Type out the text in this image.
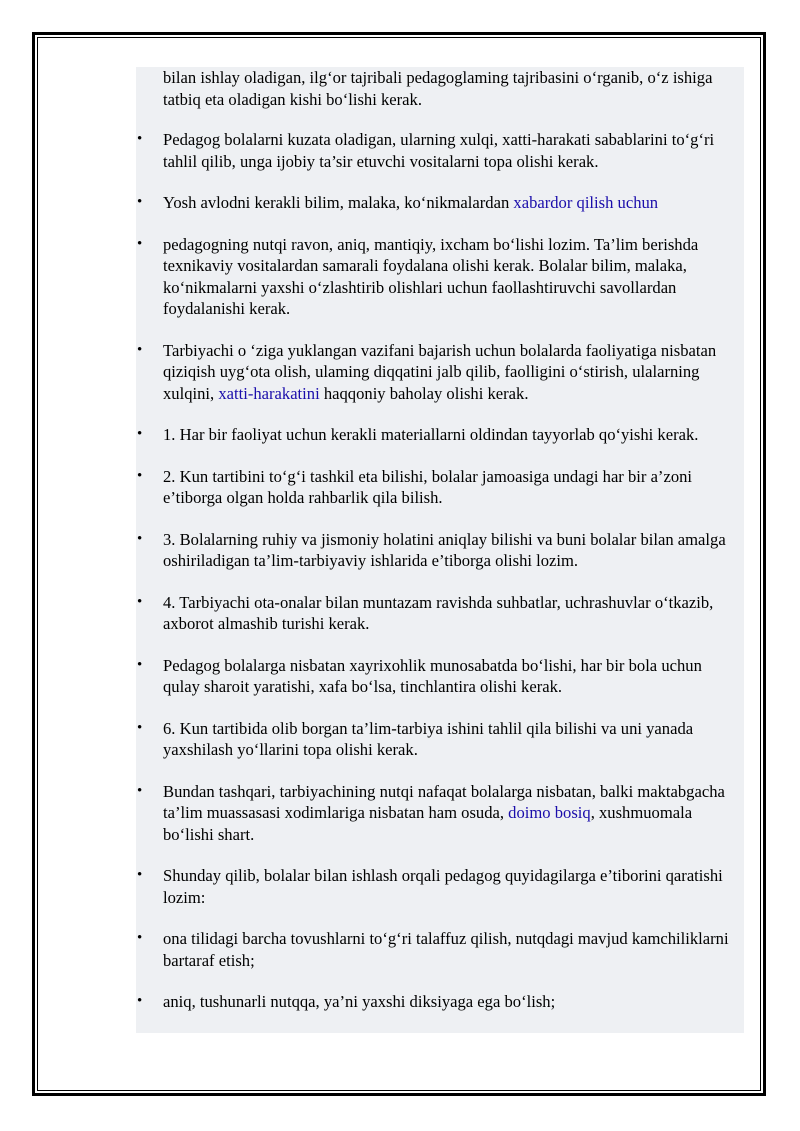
bilan ishlay oladigan, ilg‘or tajribali pedagoglaming tajribasini o‘rganib, o‘z ishiga tatbiq eta oladigan kishi bo‘lishi kerak.
• Pedagog bolalarni kuzata oladigan, ularning xulqi, xatti-harakati sabablarini to‘g‘ri tahlil qilib, unga ijobiy ta’sir etuvchi vositalarni topa olishi kerak.
• Yosh avlodni kerakli bilim, malaka, ko‘nikmalardan xabardor qilish uchun
• pedagogning nutqi ravon, aniq, mantiqiy, ixcham bo‘lishi lozim. Ta’lim berishda texnikaviy vositalardan samarali foydalana olishi kerak. Bolalar bilim, malaka, ko‘nikmalarni yaxshi o‘zlashtirib olishlari uchun faollashtiruvchi savollardan foydalanishi kerak.
• Tarbiyachi o ‘ziga yuklangan vazifani bajarish uchun bolalarda faoliyatiga nisbatan qiziqish uyg‘ota olish, ulaming diqqatini jalb qilib, faolligini o‘stirish, ulalarning xulqini, xatti-harakatini haqqoniy baholay olishi kerak.
• 1. Har bir faoliyat uchun kerakli materiallarni oldindan tayyorlab qo‘yishi kerak.
• 2. Kun tartibini to‘g‘i tashkil eta bilishi, bolalar jamoasiga undagi har bir a’zoni e’tiborga olgan holda rahbarlik qila bilish.
• 3. Bolalarning ruhiy va jismoniy holatini aniqlay bilishi va buni bolalar bilan amalga oshiriladigan ta’lim-tarbiyaviy ishlarida e’tiborga olishi lozim.
• 4. Tarbiyachi ota-onalar bilan muntazam ravishda suhbatlar, uchrashuvlar o‘tkazib, axborot almashib turishi kerak.
• Pedagog bolalarga nisbatan xayrixohlik munosabatda bo‘lishi, har bir bola uchun qulay sharoit yaratishi, xafa bo‘lsa, tinchlantira olishi kerak.
• 6. Kun tartibida olib borgan ta’lim-tarbiya ishini tahlil qila bilishi va uni yanada yaxshilash yo‘llarini topa olishi kerak.
• Bundan tashqari, tarbiyachining nutqi nafaqat bolalarga nisbatan, balki maktabgacha ta’lim muassasasi xodimlariga nisbatan ham osuda, doimo bosiq, xushmuomala bo‘lishi shart.
• Shunday qilib, bolalar bilan ishlash orqali pedagog quyidagilarga e’tiborini qaratishi lozim:
• ona tilidagi barcha tovushlarni to‘g‘ri talaffuz qilish, nutqdagi mavjud kamchiliklarni bartaraf etish;
• aniq, tushunarli nutqqa, ya’ni yaxshi diksiyaga ega bo‘lish;
